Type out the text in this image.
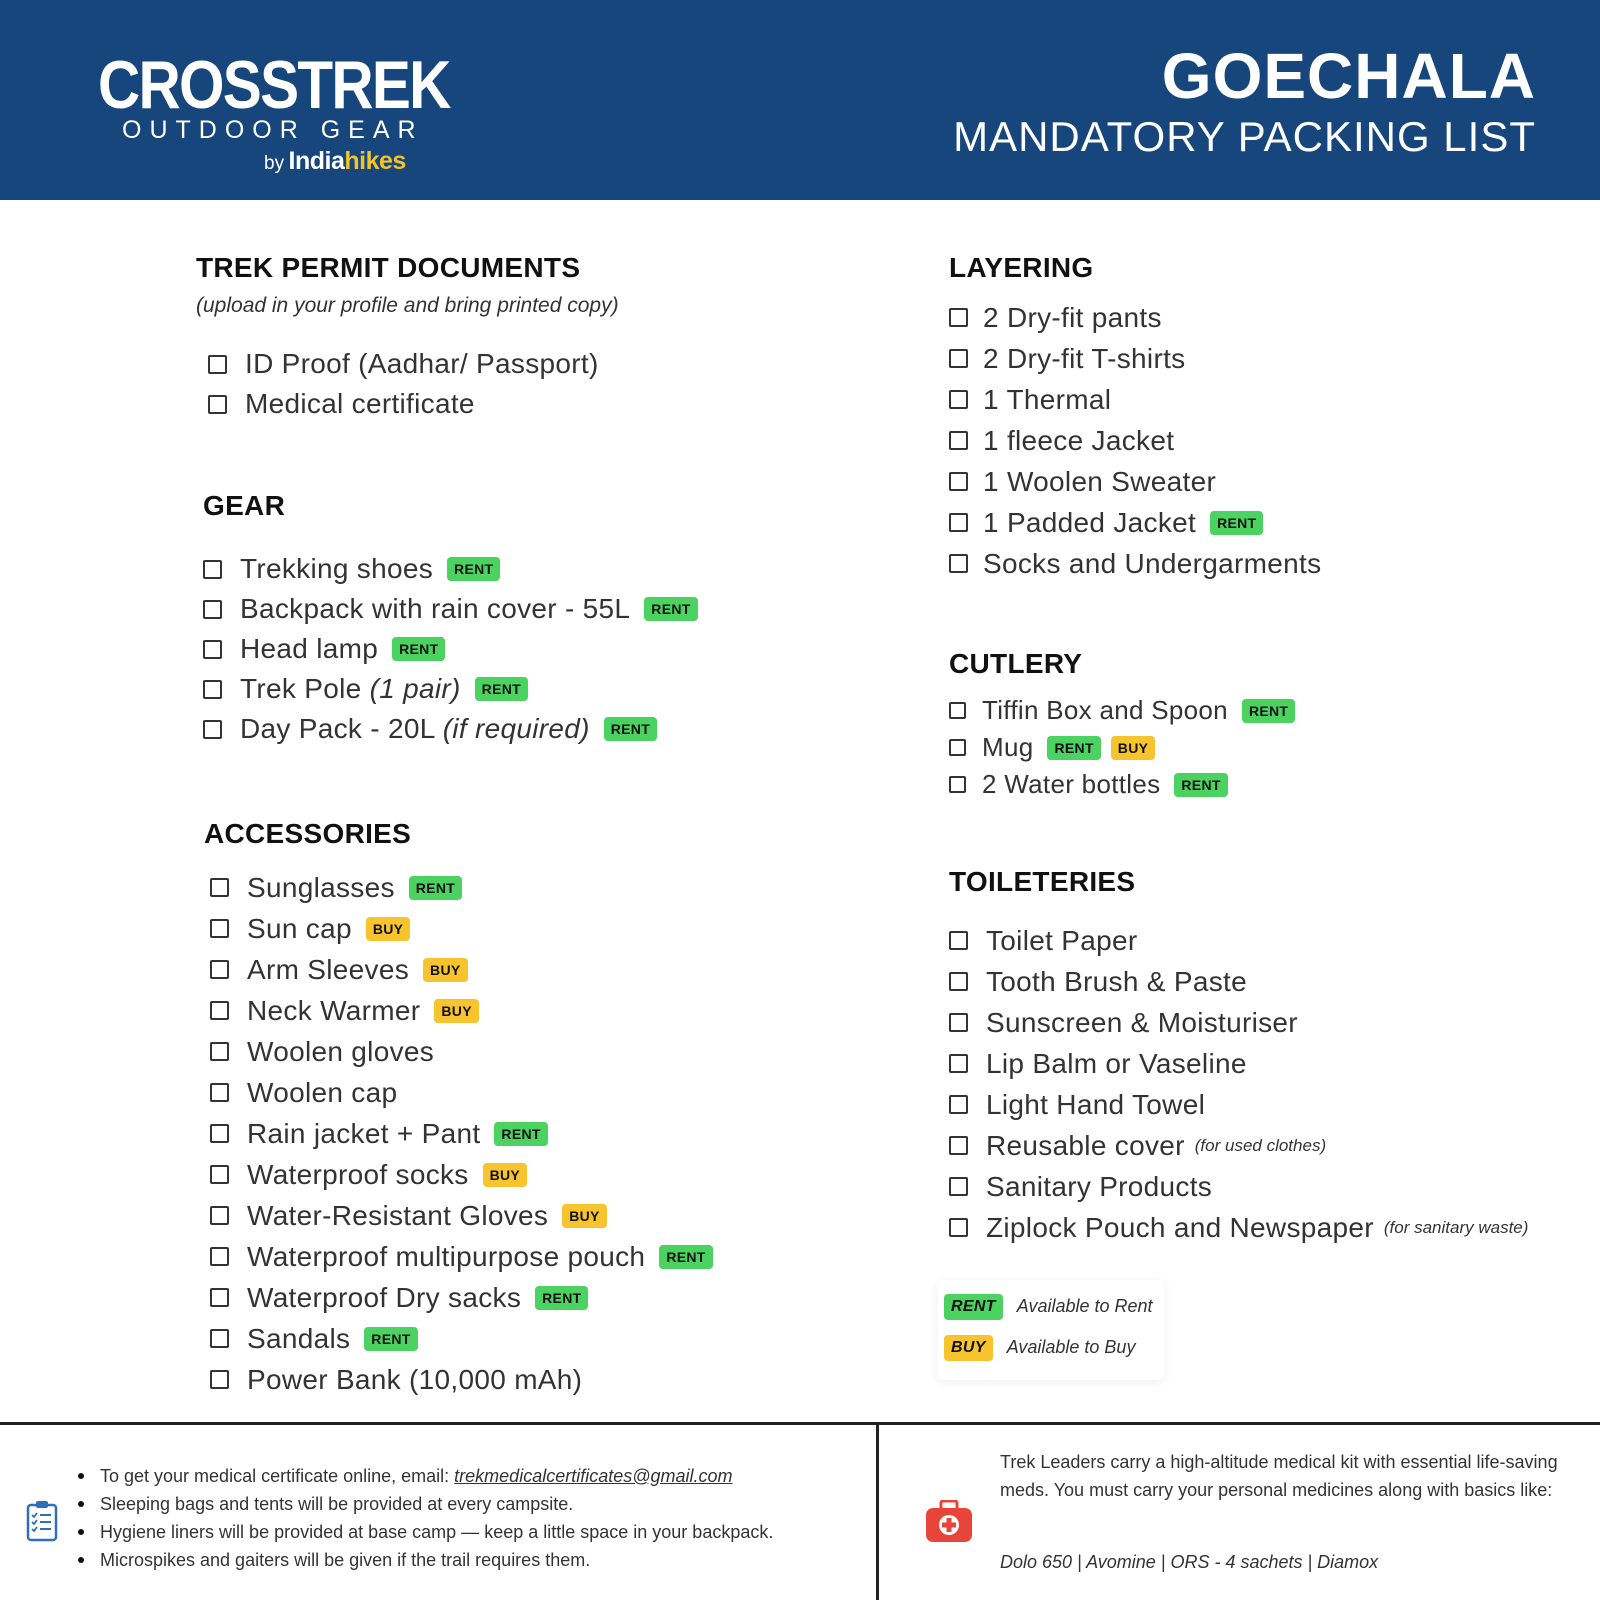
CROSSTREK
OUTDOOR GEAR
by Indiahikes
GOECHALA
MANDATORY PACKING LIST
TREK PERMIT DOCUMENTS
(upload in your profile and bring printed copy)
ID Proof (Aadhar/ Passport)
Medical certificate
GEAR
Trekking shoes	RENT
Backpack with rain cover - 55L	RENT
Head lamp	RENT
Trek Pole (1 pair)	RENT
Day Pack - 20L (if required)	RENT
ACCESSORIES
Sunglasses	RENT
Sun cap	BUY
Arm Sleeves	BUY
Neck Warmer	BUY
Woolen gloves
Woolen cap
Rain jacket + Pant	RENT
Waterproof socks	BUY
Water-Resistant Gloves	BUY
Waterproof multipurpose pouch	RENT
Waterproof Dry sacks	RENT
Sandals	RENT
Power Bank (10,000 mAh)
LAYERING
2 Dry-fit pants
2 Dry-fit T-shirts
1 Thermal
1 fleece Jacket
1 Woolen Sweater
1 Padded Jacket	RENT
Socks and Undergarments
CUTLERY
Tiffin Box and Spoon	RENT
Mug	RENT	BUY
2 Water bottles	RENT
TOILETERIES
Toilet Paper
Tooth Brush & Paste
Sunscreen & Moisturiser
Lip Balm or Vaseline
Light Hand Towel
Reusable cover (for used clothes)
Sanitary Products
Ziplock Pouch and Newspaper (for sanitary waste)
RENT	Available to Rent
BUY	Available to Buy
To get your medical certificate online, email: trekmedicalcertificates@gmail.com
Sleeping bags and tents will be provided at every campsite.
Hygiene liners will be provided at base camp — keep a little space in your backpack.
Microspikes and gaiters will be given if the trail requires them.
Trek Leaders carry a high-altitude medical kit with essential life-saving meds. You must carry your personal medicines along with basics like:
Dolo 650 | Avomine | ORS - 4 sachets | Diamox
